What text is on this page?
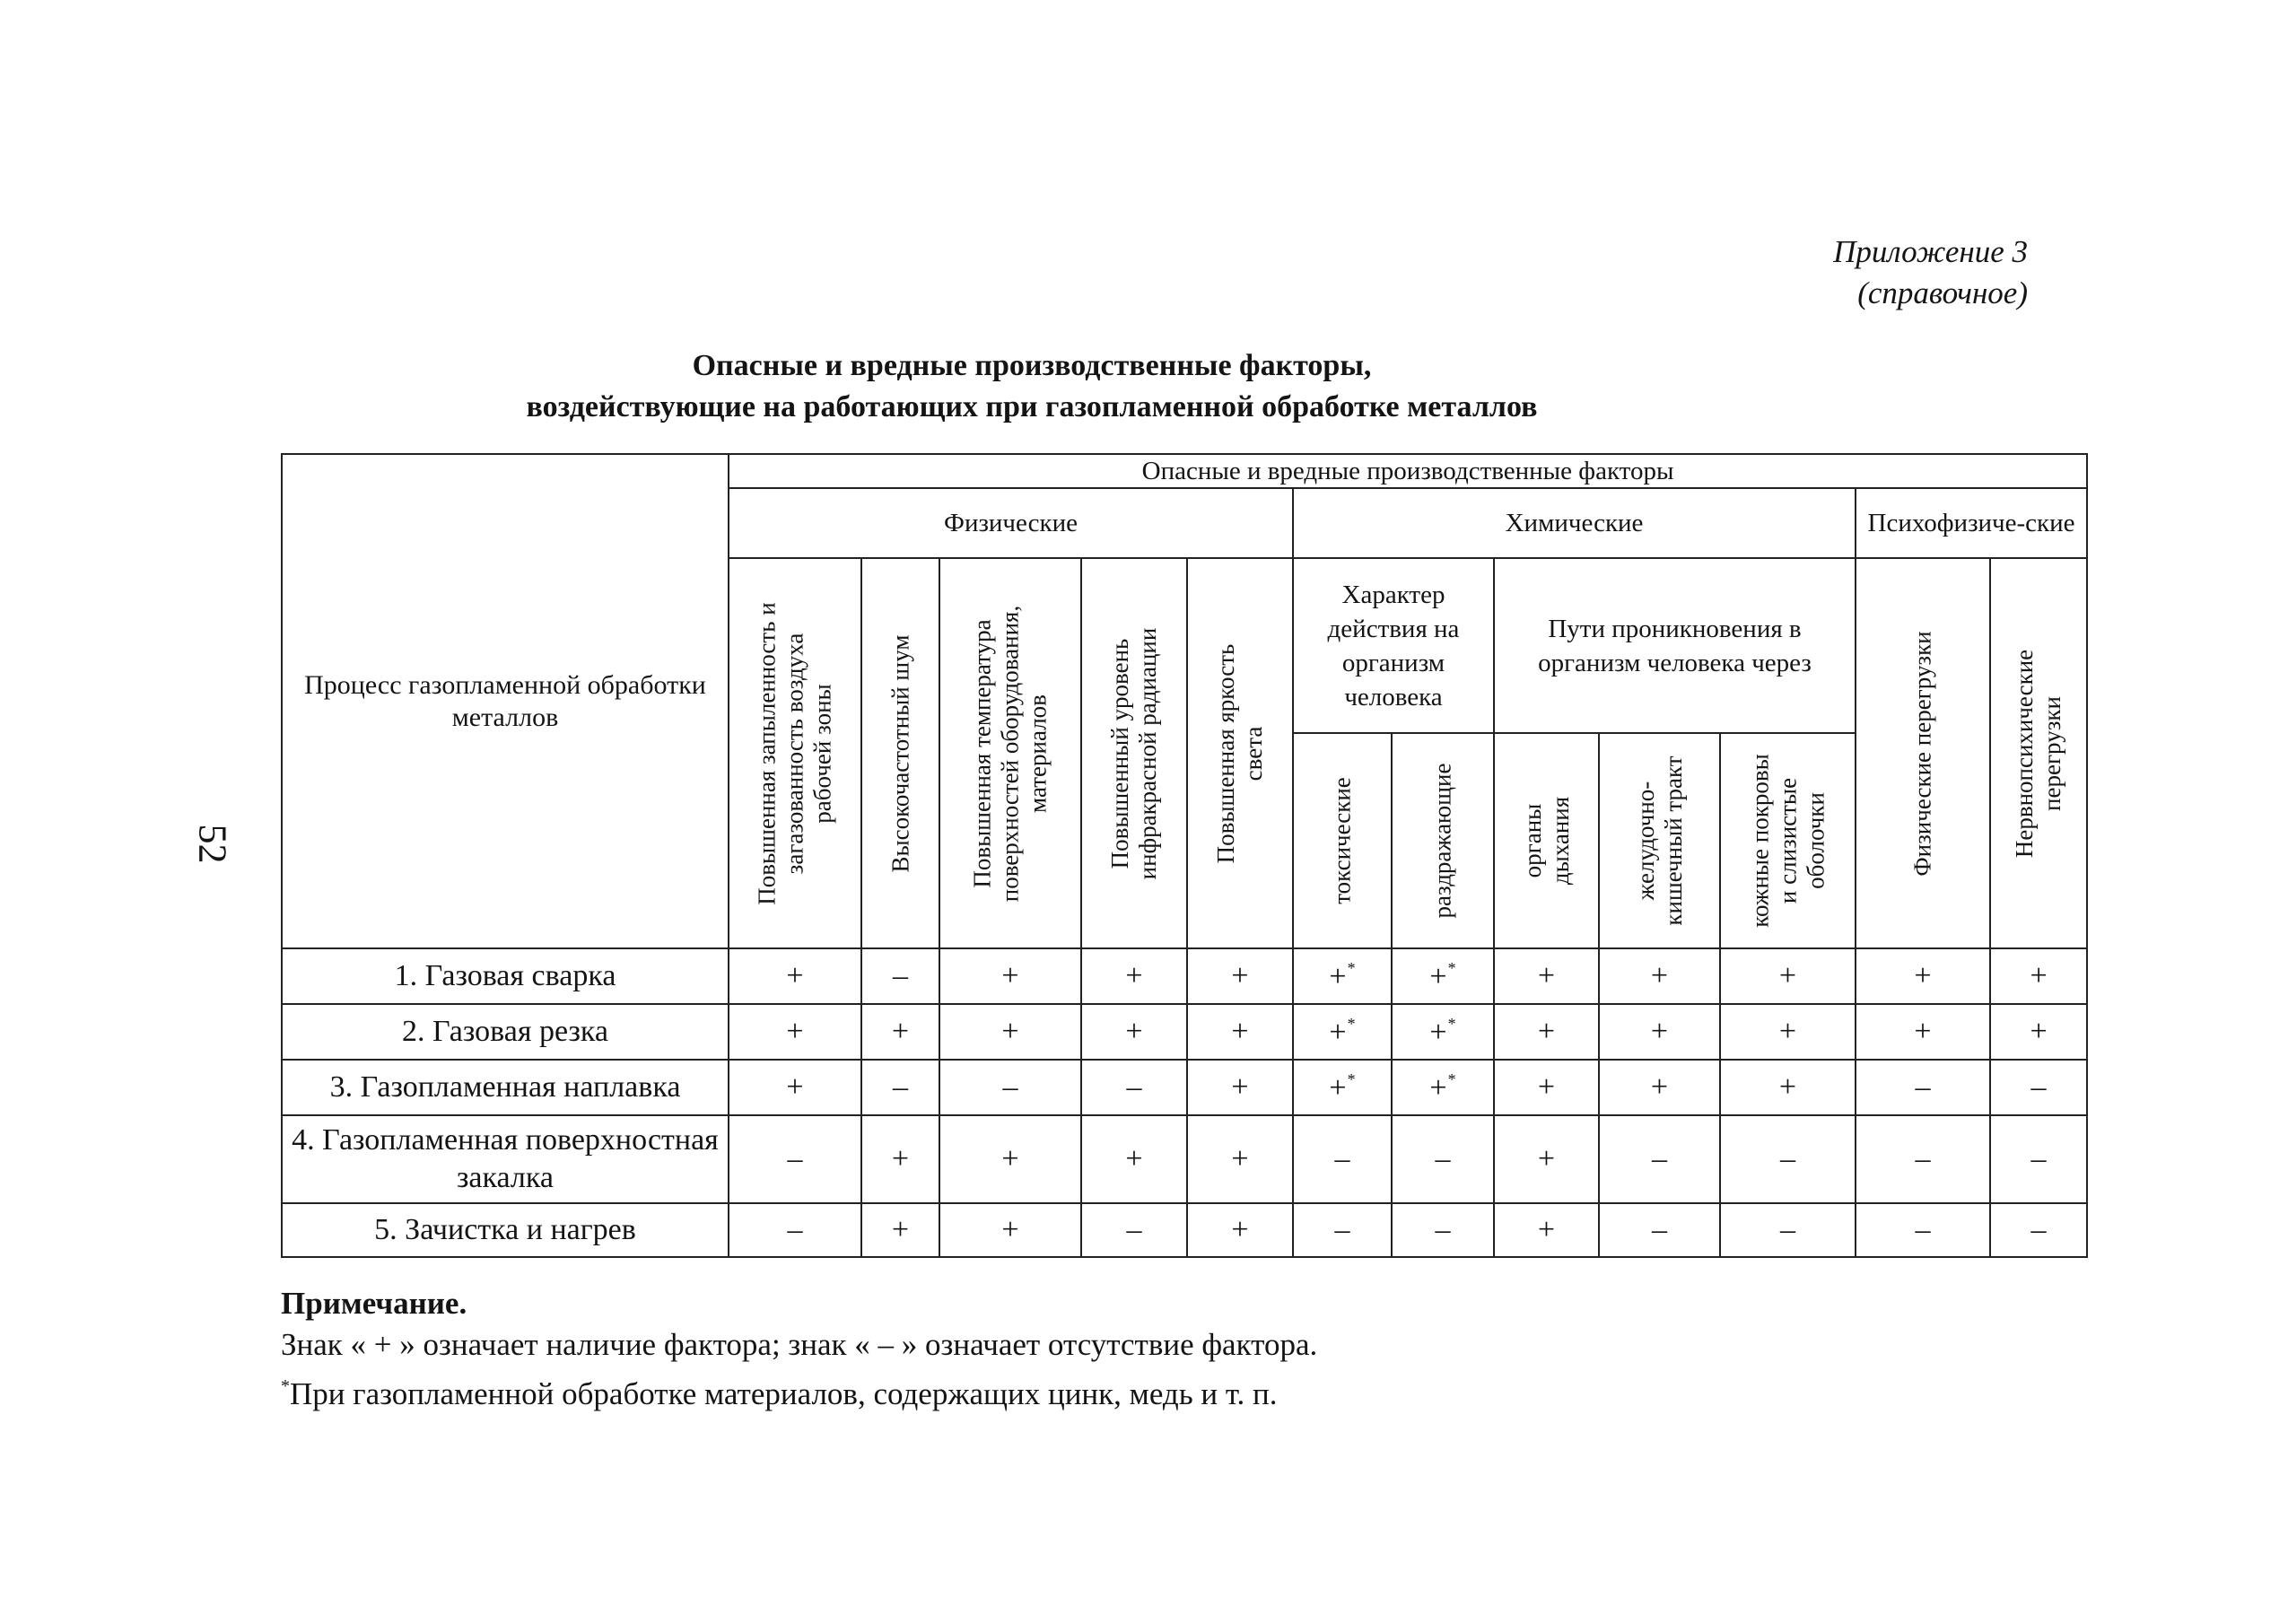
52
Приложение 3
(справочное)
Опасные и вредные производственные факторы,
воздействующие на работающих при газопламенной обработке металлов
Процесс газопламенной обработки металлов	Опасные и вредные производственные факторы											
	Физические					Химические					Психофизиче-ские	

	Повышенная запыленность и загазованность воздуха рабочей зоны	Высокочастотный шум	Повышенная температура поверхностей оборудования, материалов	Повышенный уровень инфракрасной радиации	Повышенная яркость света	Характер действия на организм человека		Пути проникновения в организм человека через			Физические перегрузки	Нервнопсихические перегрузки

						токсические	раздражающие	органы дыхания	желудочно-кишечный тракт	кожные покровы и слизистые оболочки		

1. Газовая сварка	+	–	+	+	+	+*	+*	+	+	+	+	+
2. Газовая резка	+	+	+	+	+	+*	+*	+	+	+	+	+
3. Газопламенная наплавка	+	–	–	–	+	+*	+*	+	+	+	–	–
4. Газопламенная поверхностная закалка	–	+	+	+	+	–	–	+	–	–	–	–
5. Зачистка и нагрев	–	+	+	–	+	–	–	+	–	–	–	–
Примечание.
Знак « + » означает наличие фактора; знак « – » означает отсутствие фактора.
*При газопламенной обработке материалов, содержащих цинк, медь и т. п.
